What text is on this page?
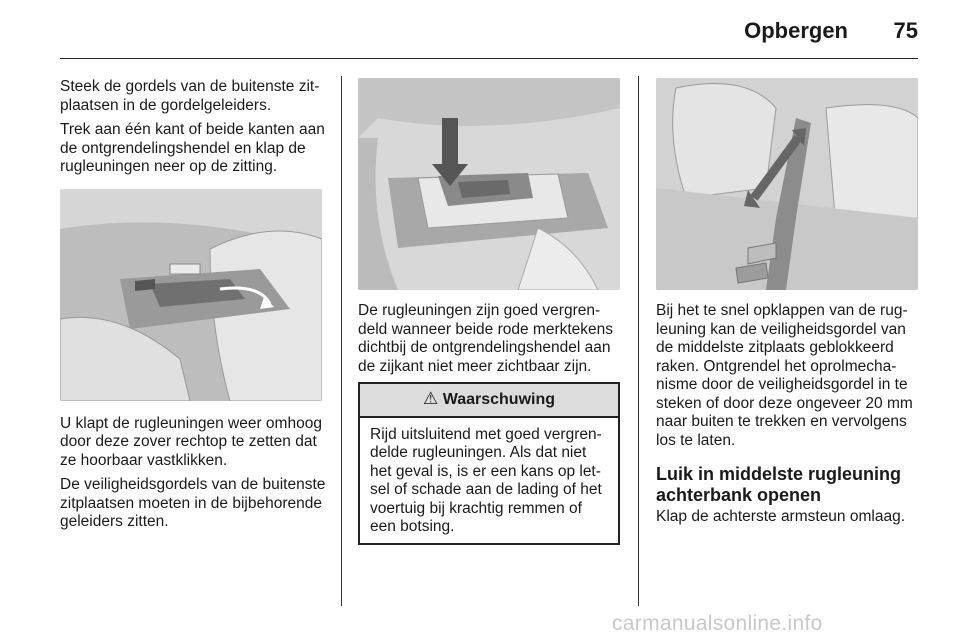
Opbergen	75

Steek de gordels van de buitenste zitplaatsen in de gordelgeleiders.

Trek aan één kant of beide kanten aan de ontgrendelingshendel en klap de rugleuningen neer op de zitting.

U klapt de rugleuningen weer omhoog door deze zover rechtop te zetten dat ze hoorbaar vastklikken.

De veiligheidsgordels van de buitenste zitplaatsen moeten in de bijbehorende geleiders zitten.

De rugleuningen zijn goed vergrendeld wanneer beide rode merktekens dichtbij de ontgrendelingshendel aan de zijkant niet meer zichtbaar zijn.

⚠ Waarschuwing
Rijd uitsluitend met goed vergrendelde rugleuningen. Als dat niet het geval is, is er een kans op letsel of schade aan de lading of het voertuig bij krachtig remmen of een botsing.

Bij het te snel opklappen van de rugleuning kan de veiligheidsgordel van de middelste zitplaats geblokkeerd raken. Ontgrendel het oprolmechanisme door de veiligheidsgordel in te steken of door deze ongeveer 20 mm naar buiten te trekken en vervolgens los te laten.

Luik in middelste rugleuning achterbank openen

Klap de achterste armsteun omlaag.

carmanualsonline.info
